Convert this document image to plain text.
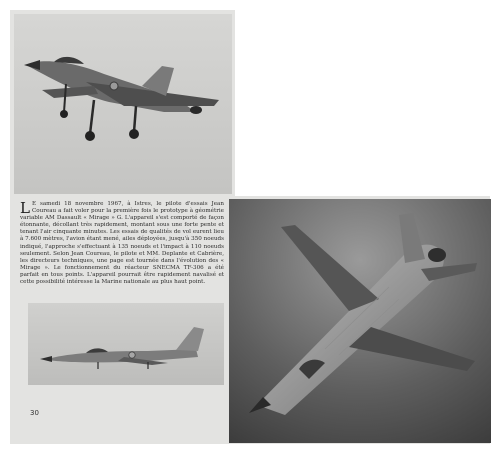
L E samedi 18 novembre 1967, à Istres, le pilote d'essais Jean Coureau a fait voler pour la première fois le prototype à géométrie variable AM Dassault « Mirage » G. L'appareil s'est comporté de façon étonnante, décollant très rapidement, montant sous une forte pente et tenant l'air cinquante minutes. Les essais de qualités de vol eurent lieu à 7.600 mètres, l'avion étant mené, ailes déployées, jusqu'à 350 noeuds indiqué, l'approche s'effectuant à 135 noeuds et l'impact à 110 noeuds seulement. Selon Jean Coureau, le pilote et MM. Deplante et Cabrière, les directeurs techniques, une page est tournée dans l'évolution des « Mirage ». Le fonctionnement du réacteur SNECMA TF-306 a été parfait en tous points. L'appareil pourrait être rapidement navalisé et cette possibilité intéresse la Marine nationale au plus haut point.
30
